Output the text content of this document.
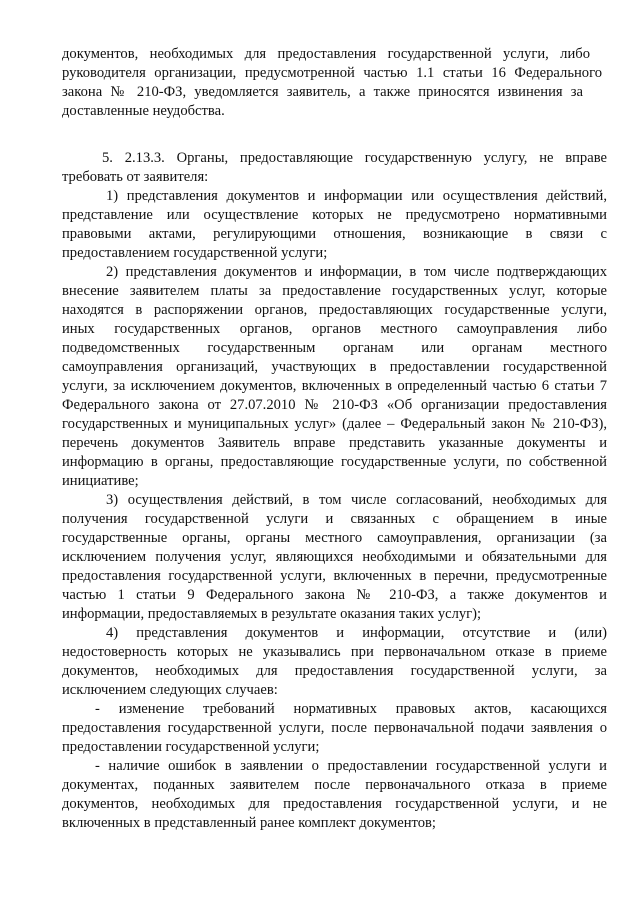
документов, необходимых для предоставления государственной услуги, либо
руководителя организации, предусмотренной частью 1.1 статьи 16 Федерального
закона № 210-ФЗ, уведомляется заявитель, а также приносятся извинения за
доставленные неудобства.
5. 2.13.3. Органы, предоставляющие государственную услугу, не вправе
требовать от заявителя:
1) представления документов и информации или осуществления действий,
представление или осуществление которых не предусмотрено нормативными
правовыми актами, регулирующими отношения, возникающие в связи с
предоставлением государственной услуги;
2) представления документов и информации, в том числе подтверждающих
внесение заявителем платы за предоставление государственных услуг, которые
находятся в распоряжении органов, предоставляющих государственные услуги,
иных государственных органов, органов местного самоуправления либо
подведомственных государственным органам или органам местного
самоуправления организаций, участвующих в предоставлении государственной
услуги, за исключением документов, включенных в определенный частью 6 статьи 7
Федерального закона от 27.07.2010 № 210-ФЗ «Об организации предоставления
государственных и муниципальных услуг» (далее – Федеральный закон № 210-ФЗ),
перечень документов Заявитель вправе представить указанные документы и
информацию в органы, предоставляющие государственные услуги, по собственной
инициативе;
3) осуществления действий, в том числе согласований, необходимых для
получения государственной услуги и связанных с обращением в иные
государственные органы, органы местного самоуправления, организации (за
исключением получения услуг, являющихся необходимыми и обязательными для
предоставления государственной услуги, включенных в перечни, предусмотренные
частью 1 статьи 9 Федерального закона № 210-ФЗ, а также документов и
информации, предоставляемых в результате оказания таких услуг);
4) представления документов и информации, отсутствие и (или)
недостоверность которых не указывались при первоначальном отказе в приеме
документов, необходимых для предоставления государственной услуги, за
исключением следующих случаев:
- изменение требований нормативных правовых актов, касающихся
предоставления государственной услуги, после первоначальной подачи заявления о
предоставлении государственной услуги;
- наличие ошибок в заявлении о предоставлении государственной услуги и
документах, поданных заявителем после первоначального отказа в приеме
документов, необходимых для предоставления государственной услуги, и не
включенных в представленный ранее комплект документов;
